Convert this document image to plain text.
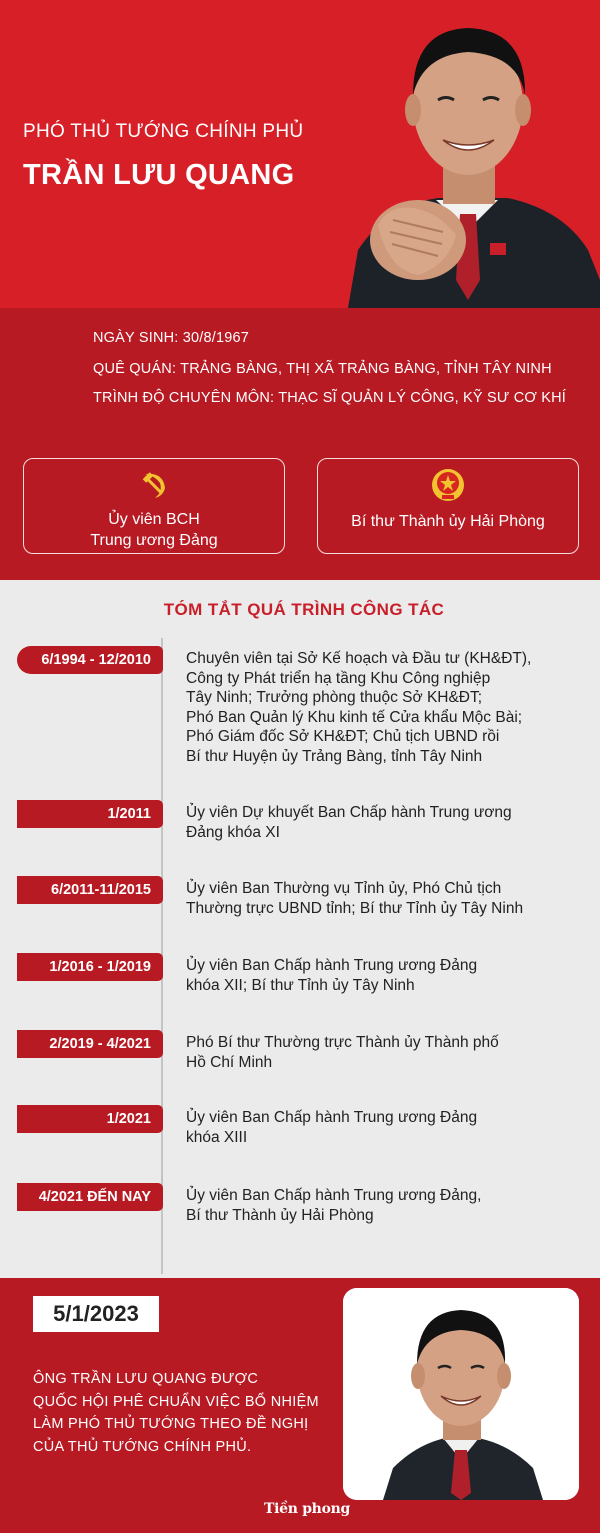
PHÓ THỦ TƯỚNG CHÍNH PHỦ
TRẦN LƯU QUANG
NGÀY SINH: 30/8/1967
QUÊ QUÁN: TRẢNG BÀNG, THỊ XÃ TRẢNG BÀNG, TỈNH TÂY NINH
TRÌNH ĐỘ CHUYÊN MÔN: THẠC SĨ QUẢN LÝ CÔNG, KỸ SƯ CƠ KHÍ
Ủy viên BCH
Trung ương Đảng
Bí thư Thành ủy Hải Phòng
TÓM TẮT QUÁ TRÌNH CÔNG TÁC
6/1994 - 12/2010	Chuyên viên tại Sở Kế hoạch và Đầu tư (KH&ĐT),
Công ty Phát triển hạ tầng Khu Công nghiệp
Tây Ninh; Trưởng phòng thuộc Sở KH&ĐT;
Phó Ban Quản lý Khu kinh tế Cửa khẩu Mộc Bài;
Phó Giám đốc Sở KH&ĐT; Chủ tịch UBND rồi
Bí thư Huyện ủy Trảng Bàng, tỉnh Tây Ninh
1/2011	Ủy viên Dự khuyết Ban Chấp hành Trung ương
Đảng khóa XI
6/2011-11/2015	Ủy viên Ban Thường vụ Tỉnh ủy, Phó Chủ tịch
Thường trực UBND tỉnh; Bí thư Tỉnh ủy Tây Ninh
1/2016 - 1/2019	Ủy viên Ban Chấp hành Trung ương Đảng
khóa XII; Bí thư Tỉnh ủy Tây Ninh
2/2019 - 4/2021	Phó Bí thư Thường trực Thành ủy Thành phố
Hồ Chí Minh
1/2021	Ủy viên Ban Chấp hành Trung ương Đảng
khóa XIII
4/2021 ĐẾN NAY	Ủy viên Ban Chấp hành Trung ương Đảng,
Bí thư Thành ủy Hải Phòng
5/1/2023
ÔNG TRẦN LƯU QUANG ĐƯỢC
QUỐC HỘI PHÊ CHUẨN VIỆC BỔ NHIỆM
LÀM PHÓ THỦ TƯỚNG THEO ĐỀ NGHỊ
CỦA THỦ TƯỚNG CHÍNH PHỦ.
Tiền phong
